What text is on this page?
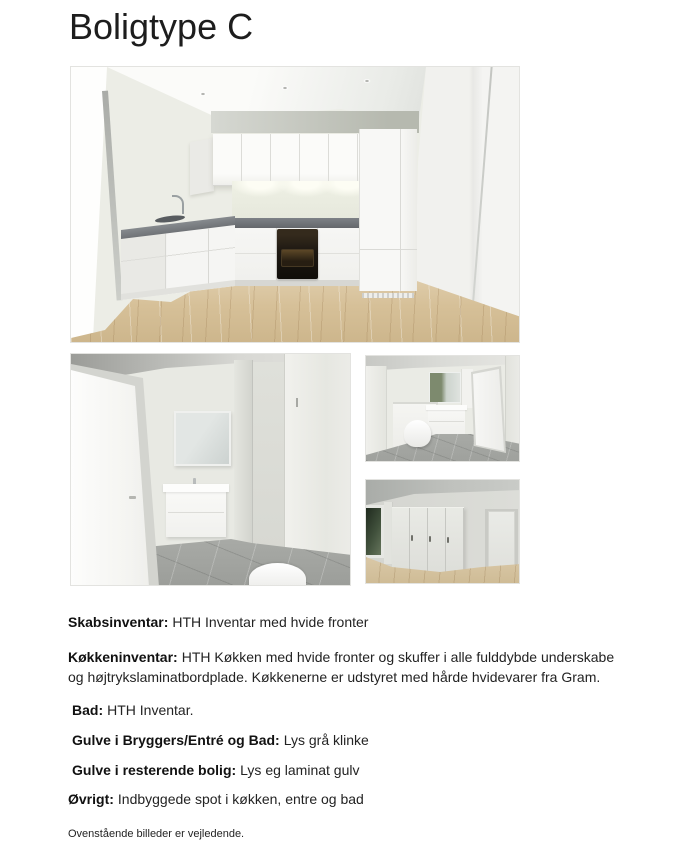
Boligtype C

Skabsinventar: HTH Inventar med hvide fronter

Køkkeninventar: HTH Køkken med hvide fronter og skuffer i alle fulddybde underskabe og højtrykslaminatbordplade. Køkkenerne er udstyret med hårde hvidevarer fra Gram.

Bad: HTH Inventar.

Gulve i Bryggers/Entré og Bad: Lys grå klinke

Gulve i resterende bolig: Lys eg laminat gulv

Øvrigt: Indbyggede spot i køkken, entre og bad

Ovenstående billeder er vejledende.
